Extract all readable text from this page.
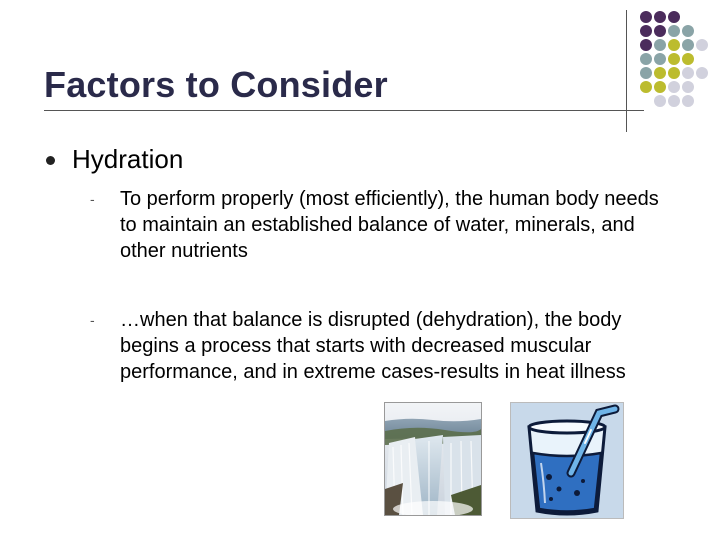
Factors to Consider
Hydration
- To perform properly (most efficiently), the human body needs to maintain an established balance of water, minerals, and other nutrients
- …when that balance is disrupted (dehydration), the body begins a process that starts with decreased muscular performance, and in extreme cases-results in heat illness
